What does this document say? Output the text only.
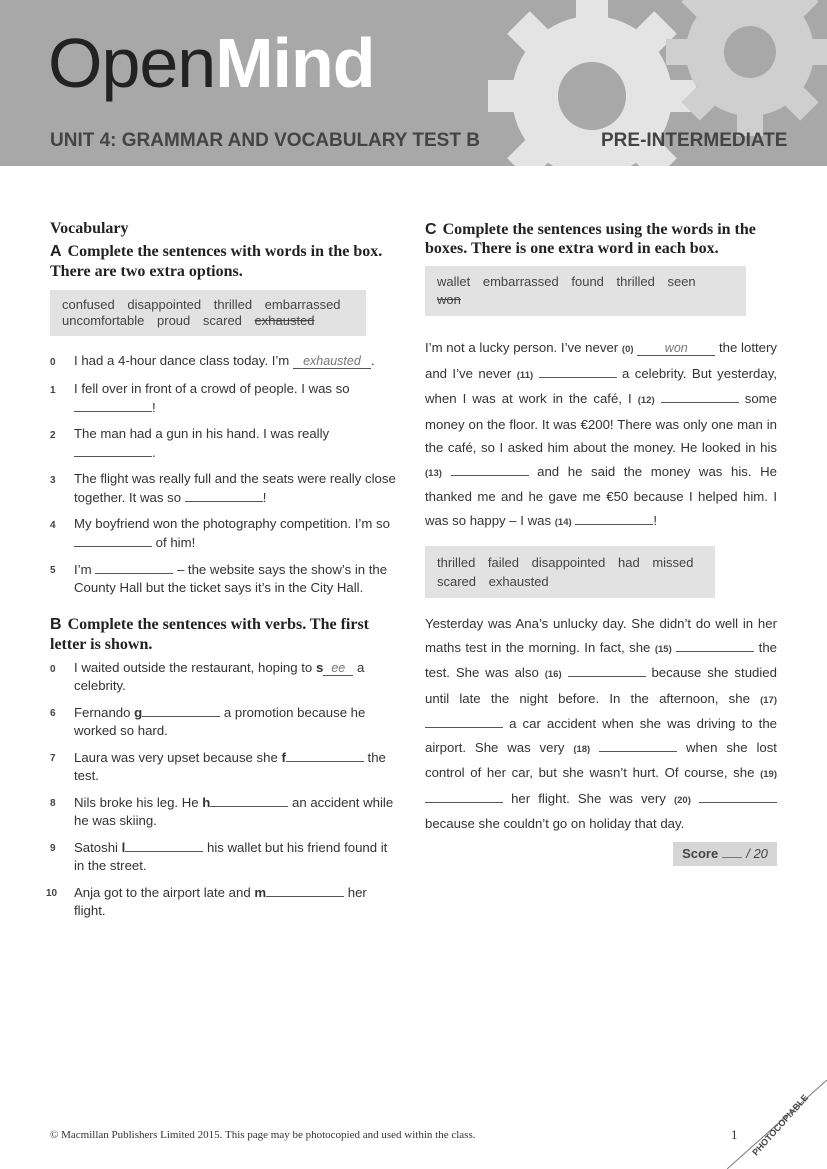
OpenMind
UNIT 4: GRAMMAR AND VOCABULARY TEST B	PRE-INTERMEDIATE
Vocabulary
A Complete the sentences with words in the box. There are two extra options.
confused disappointed thrilled embarrassed
uncomfortable proud scared exhausted
0	I had a 4-hour dance class today. I’m exhausted .
1	I fell over in front of a crowd of people. I was so !
2	The man had a gun in his hand. I was really .
3	The flight was really full and the seats were really close together. It was so	!
4	My boyfriend won the photography competition. I’m so  of him!
5	I’m	– the website says the show’s in the County Hall but the ticket says it’s in the City Hall.
B Complete the sentences with verbs. The first letter is shown.
0	I waited outside the restaurant, hoping to s ee a celebrity.
6	Fernando g	a promotion because he worked so hard.
7	Laura was very upset because she f	the test.
8	Nils broke his leg. He h	an accident while he was skiing.
9	Satoshi l	his wallet but his friend found it in the street.
10	Anja got to the airport late and m	her flight.
C Complete the sentences using the words in the boxes. There is one extra word in each box.
wallet embarrassed found thrilled seen won
I’m not a lucky person. I’ve never (0)	won the lottery and I’ve never (11)	a celebrity. But yesterday, when I was at work in the café, I (12)	some money on the floor. It was €200! There was only one man in the café, so I asked him about the money. He looked in his (13)	and he said the money was his. He thanked me and he gave me €50 because I helped him. I was so happy – I was (14)	!
thrilled failed disappointed had missed
scared exhausted
Yesterday was Ana’s unlucky day. She didn’t do well in her maths test in the morning. In fact, she (15)	the test. She was also (16)	because she studied until late the night before. In the afternoon, she (17)  a car accident when she was driving to the airport. She was very (18)	when she lost control of her car, but she wasn’t hurt. Of course, she (19)  her flight. She was very (20)  because she couldn’t go on holiday that day.
Score / 20
© Macmillan Publishers Limited 2015. This page may be photocopied and used within the class.	1 PHOTOCOPIABLE
